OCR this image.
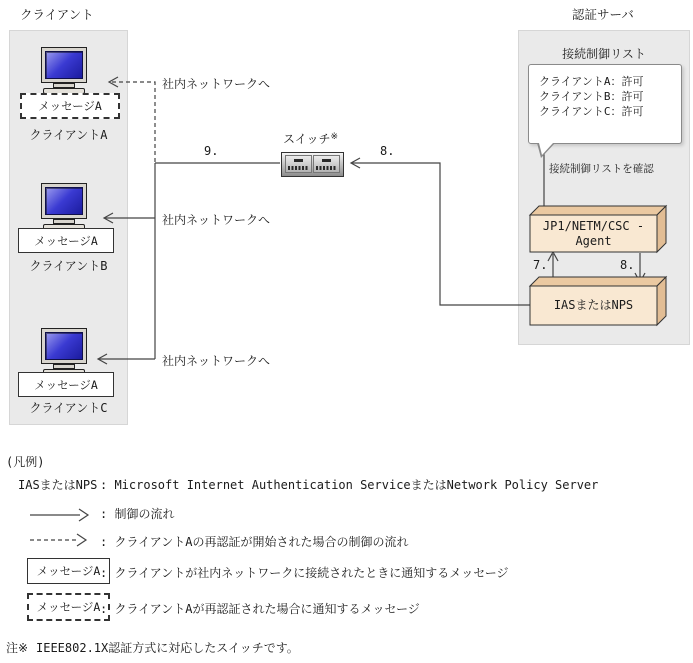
クライアント	認証サーバ
メッセージA
クライアントA
メッセージA
クライアントB
メッセージA
クライアントC
社内ネットワークへ
社内ネットワークへ
社内ネットワークへ
9.	8.
7.	8.
スイッチ※
接続制御リスト
クライアントA：許可
クライアントB：許可
クライアントC：許可
接続制御リストを確認
JP1/NETM/CSC -
Agent
IASまたはNPS
(凡例)
IASまたはNPS : Microsoft Internet Authentication ServiceまたはNetwork Policy Server
: 制御の流れ
: クライアントAの再認証が開始された場合の制御の流れ
メッセージA : クライアントが社内ネットワークに接続されたときに通知するメッセージ
メッセージA : クライアントAが再認証された場合に通知するメッセージ
注※ IEEE802.1X認証方式に対応したスイッチです。
